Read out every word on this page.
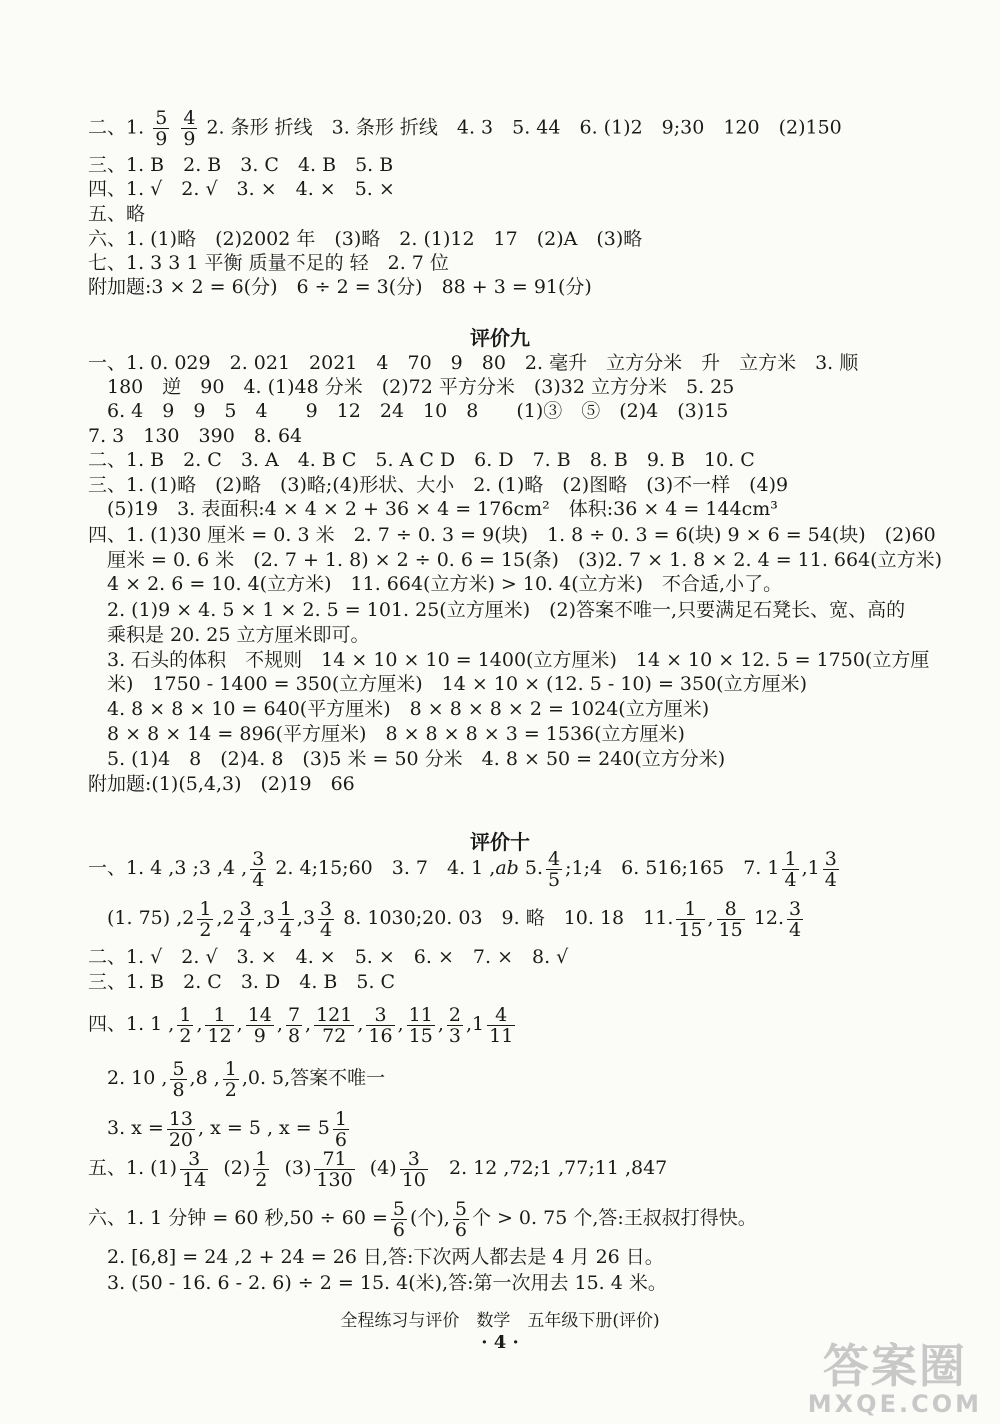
二、1. $\frac{5}{9}$
$\frac{4}{9} 2$. 条形 折线　3. 条形 折线　4. 3　5. 44　6. (1)2　9;30　120　(2)150
三、1. B　2. B　3. C　4. B　5. B
四、1. √　2. √　3. ×　4. ×　5. ×
五、略
六、1. (1)略　(2)2002 年　(3)略　2. (1)12　17　(2)A　(3)略
七、1. 3 3 1 平衡 质量不足的 轻　2. 7 位
附加题:3 × 2 = 6(分)　6 ÷ 2 = 3(分)　88 + 3 = 91(分)
评价九
一、1. 0. 029　2. 021　2021　4　70　9　80　2. 毫升　立方分米　升　立方米　3. 顺
180　逆　90　4. (1)48 分米　(2)72 平方分米　(3)32 立方分米　5. 25
6. 4　9　9　5　4　　9　12　24　10　8　　(1)③　⑤　(2)4　(3)15
7. 3　130　390　8. 64
二、1. B　2. C　3. A　4. B C　5. A C D　6. D　7. B　8. B　9. B　10. C
三、1. (1)略　(2)略　(3)略;(4)形状、大小　2. (1)略　(2)图略　(3)不一样　(4)9
(5)19　3. 表面积:4 × 4 × 2 + 36 × 4 = 176cm²　体积:36 × 4 = 144cm³
四、1. (1)30 厘米 = 0. 3 米　2. 7 ÷ 0. 3 = 9(块)　1. 8 ÷ 0. 3 = 6(块) 9 × 6 = 54(块)　(2)60
厘米 = 0. 6 米　(2. 7 + 1. 8) × 2 ÷ 0. 6 = 15(条)　(3)2. 7 × 1. 8 × 2. 4 = 11. 664(立方米)
4 × 2. 6 = 10. 4(立方米)　11. 664(立方米) > 10. 4(立方米)　不合适,小了。
2. (1)9 × 4. 5 × 1 × 2. 5 = 101. 25(立方厘米)　(2)答案不唯一,只要满足石凳长、宽、高的
乘积是 20. 25 立方厘米即可。
3. 石头的体积　不规则　14 × 10 × 10 = 1400(立方厘米)　14 × 10 × 12. 5 = 1750(立方厘
米)　1750 - 1400 = 350(立方厘米)　14 × 10 × (12. 5 - 10) = 350(立方厘米)
4. 8 × 8 × 10 = 640(平方厘米)　8 × 8 × 8 × 2 = 1024(立方厘米)
8 × 8 × 14 = 896(平方厘米)　8 × 8 × 8 × 3 = 1536(立方厘米)
5. (1)4　8　(2)4. 8　(3)5 米 = 50 分米　4. 8 × 50 = 240(立方分米)
附加题:(1)(5,4,3)　(2)19　66
评价十
一、1. 4 ,3 ;3 ,4 , $\frac{3}{4} 2$. 4;15;60　3. 7　4. 1 ,ab 5. $\frac{4}{5}$ ;1;4　6. 516;165　7. $1 \frac{1}{4} ,1 \frac{3}{4}$
(1. 75) $,2 \frac{1}{2} ,2 \frac{3}{4} ,3 \frac{1}{4} ,3 \frac{3}{4} 8$. 1030;20. 03　9. 略　10. 18　11. $\frac{1}{15}$ , $\frac{8}{15} 12$. $\frac{3}{4}$
二、1. √　2. √　3. ×　4. ×　5. ×　6. ×　7. ×　8. √
三、1. B　2. C　3. D　4. B　5. C
四、1. 1 , $\frac{1}{2}$ , $\frac{1}{12}$ , $\frac{14}{9}$ , $\frac{7}{8}$ , $\frac{121}{72}$ , $\frac{3}{16}$ , $\frac{11}{15}$ , $\frac{2}{3} ,1 \frac{4}{11}$
2. 10 , $\frac{5}{8} ,8$ , $\frac{1}{2} ,0$. 5,答案不唯一
3. $x = \frac{13}{20}$ , x = 5 , $x = 5 \frac{1}{6}$
五、1. $(1) \frac{3}{14} (2) \frac{1}{2} (3) \frac{71}{130} (4) \frac{3}{10} 2$. 12 ,72;1 ,77;11 ,847
六、1. 1 分钟 = 60 秒$,50 \div 60 = \frac{5}{6}$ (个), $\frac{5}{6}$ 个 > 0. 75 个,答:王叔叔打得快。
2. [6,8] = 24 ,2 + 24 = 26 日,答:下次两人都去是 4 月 26 日。
3. (50 - 16. 6 - 2. 6) ÷ 2 = 15. 4(米),答:第一次用去 15. 4 米。
全程练习与评价　数学　五年级下册(评价)
· 4 ·	答案圈
MXQE.COM
